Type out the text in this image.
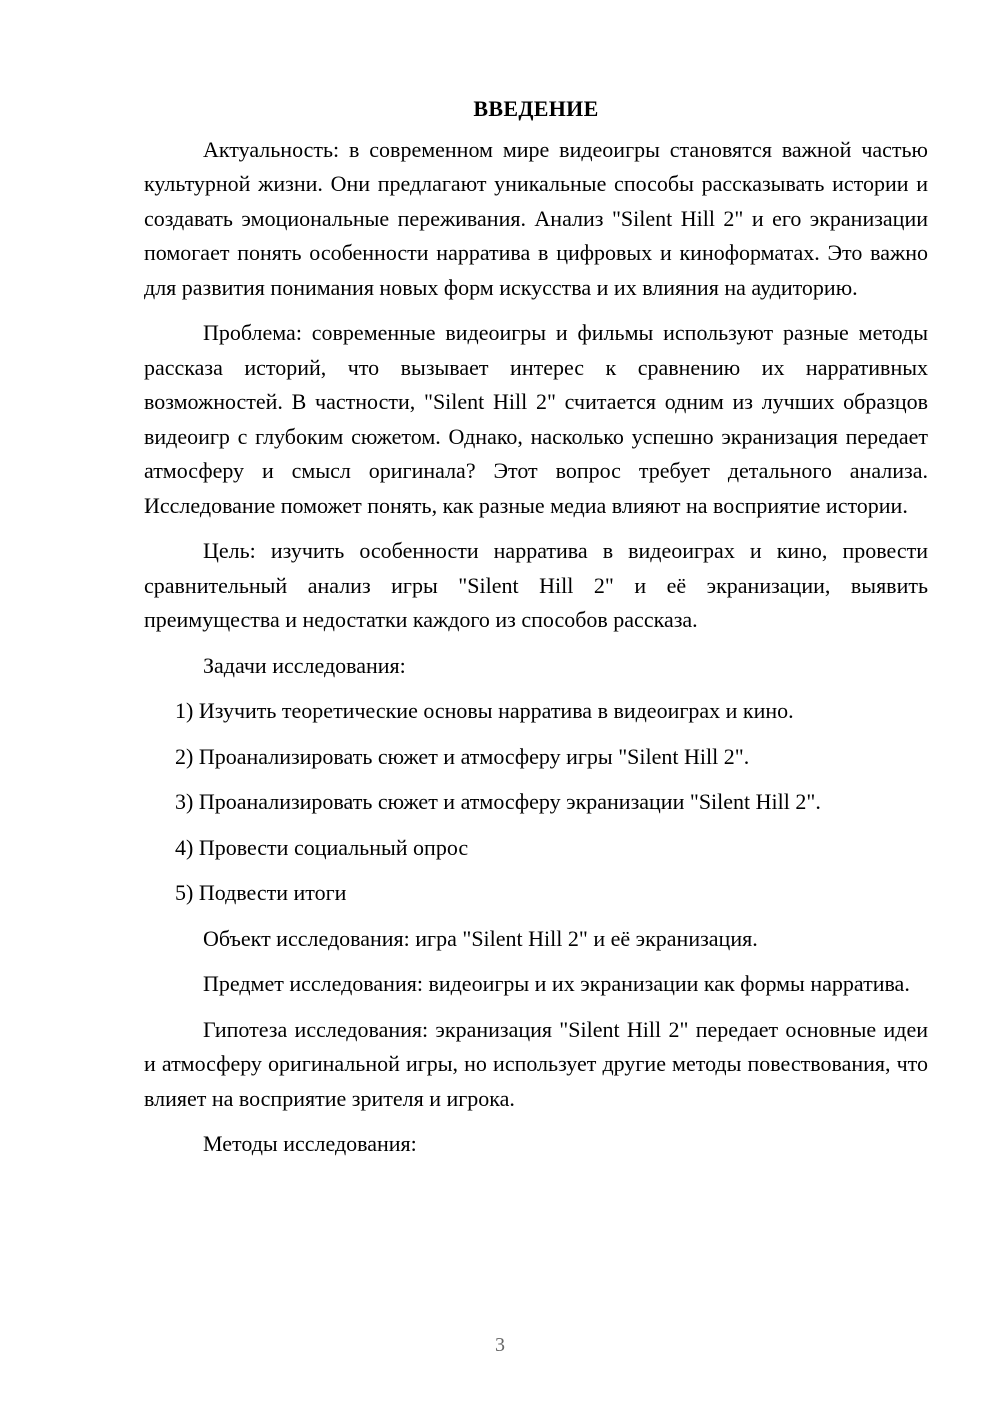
ВВЕДЕНИЕ

Актуальность: в современном мире видеоигры становятся важной частью культурной жизни. Они предлагают уникальные способы рассказывать истории и создавать эмоциональные переживания. Анализ "Silent Hill 2" и его экранизации помогает понять особенности нарратива в цифровых и киноформатах. Это важно для развития понимания новых форм искусства и их влияния на аудиторию.

Проблема: современные видеоигры и фильмы используют разные методы рассказа историй, что вызывает интерес к сравнению их нарративных возможностей. В частности, "Silent Hill 2" считается одним из лучших образцов видеоигр с глубоким сюжетом. Однако, насколько успешно экранизация передает атмосферу и смысл оригинала? Этот вопрос требует детального анализа. Исследование поможет понять, как разные медиа влияют на восприятие истории.

Цель: изучить особенности нарратива в видеоиграх и кино, провести сравнительный анализ игры "Silent Hill 2" и её экранизации, выявить преимущества и недостатки каждого из способов рассказа.

Задачи исследования:

1) Изучить теоретические основы нарратива в видеоиграх и кино.
2) Проанализировать сюжет и атмосферу игры "Silent Hill 2".
3) Проанализировать сюжет и атмосферу экранизации "Silent Hill 2".
4) Провести социальный опрос
5) Подвести итоги

Объект исследования: игра "Silent Hill 2" и её экранизация.

Предмет исследования: видеоигры и их экранизации как формы нарратива.

Гипотеза исследования: экранизация "Silent Hill 2" передает основные идеи и атмосферу оригинальной игры, но использует другие методы повествования, что влияет на восприятие зрителя и игрока.

Методы исследования:

3
